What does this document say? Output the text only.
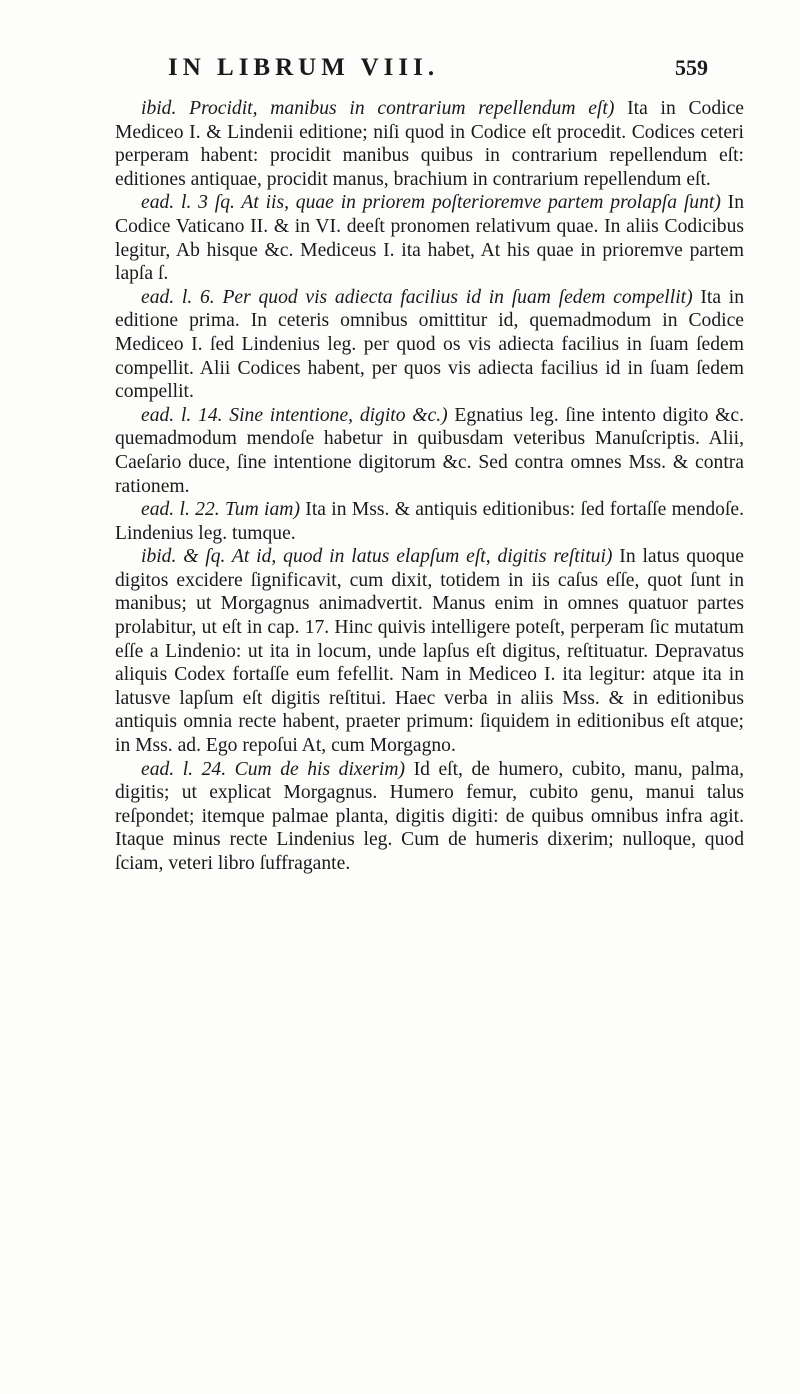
IN LIBRUM VIII.	559

ibid. Procidit, manibus in contrarium repellendum eſt) Ita in Codice Mediceo I. & Lindenii editione; niſi quod in Codice eſt procedit. Codices ceteri perperam habent: procidit manibus quibus in contrarium repellendum eſt: editiones antiquae, procidit manus, brachium in contrarium repellendum eſt.

ead. l. 3 ſq. At iis, quae in priorem poſterioremve partem prolapſa ſunt) In Codice Vaticano II. & in VI. deeſt pronomen relativum quae. In aliis Codicibus legitur, Ab hisque &c. Mediceus I. ita habet, At his quae in prioremve partem lapſa ſ.

ead. l. 6. Per quod vis adiecta facilius id in ſuam ſedem compellit) Ita in editione prima. In ceteris omnibus omittitur id, quemadmodum in Codice Mediceo I. ſed Lindenius leg. per quod os vis adiecta facilius in ſuam ſedem compellit. Alii Codices habent, per quos vis adiecta facilius id in ſuam ſedem compellit.

ead. l. 14. Sine intentione, digito &c.) Egnatius leg. ſine intento digito &c. quemadmodum mendoſe habetur in quibusdam veteribus Manuſcriptis. Alii, Caeſario duce, ſine intentione digitorum &c. Sed contra omnes Mss. & contra rationem.

ead. l. 22. Tum iam) Ita in Mss. & antiquis editionibus: ſed fortaſſe mendoſe. Lindenius leg. tumque.

ibid. & ſq. At id, quod in latus elapſum eſt, digitis reſtitui) In latus quoque digitos excidere ſignificavit, cum dixit, totidem in iis caſus eſſe, quot ſunt in manibus; ut Morgagnus animadvertit. Manus enim in omnes quatuor partes prolabitur, ut eſt in cap. 17. Hinc quivis intelligere poteſt, perperam ſic mutatum eſſe a Lindenio: ut ita in locum, unde lapſus eſt digitus, reſtituatur. Depravatus aliquis Codex fortaſſe eum fefellit. Nam in Mediceo I. ita legitur: atque ita in latusve lapſum eſt digitis reſtitui. Haec verba in aliis Mss. & in editionibus antiquis omnia recte habent, praeter primum: ſiquidem in editionibus eſt atque; in Mss. ad. Ego repoſui At, cum Morgagno.

ead. l. 24. Cum de his dixerim) Id eſt, de humero, cubito, manu, palma, digitis; ut explicat Morgagnus. Humero femur, cubito genu, manui talus reſpondet; itemque palmae planta, digitis digiti: de quibus omnibus infra agit. Itaque minus recte Lindenius leg. Cum de humeris dixerim; nulloque, quod ſciam, veteri libro ſuffragante.
